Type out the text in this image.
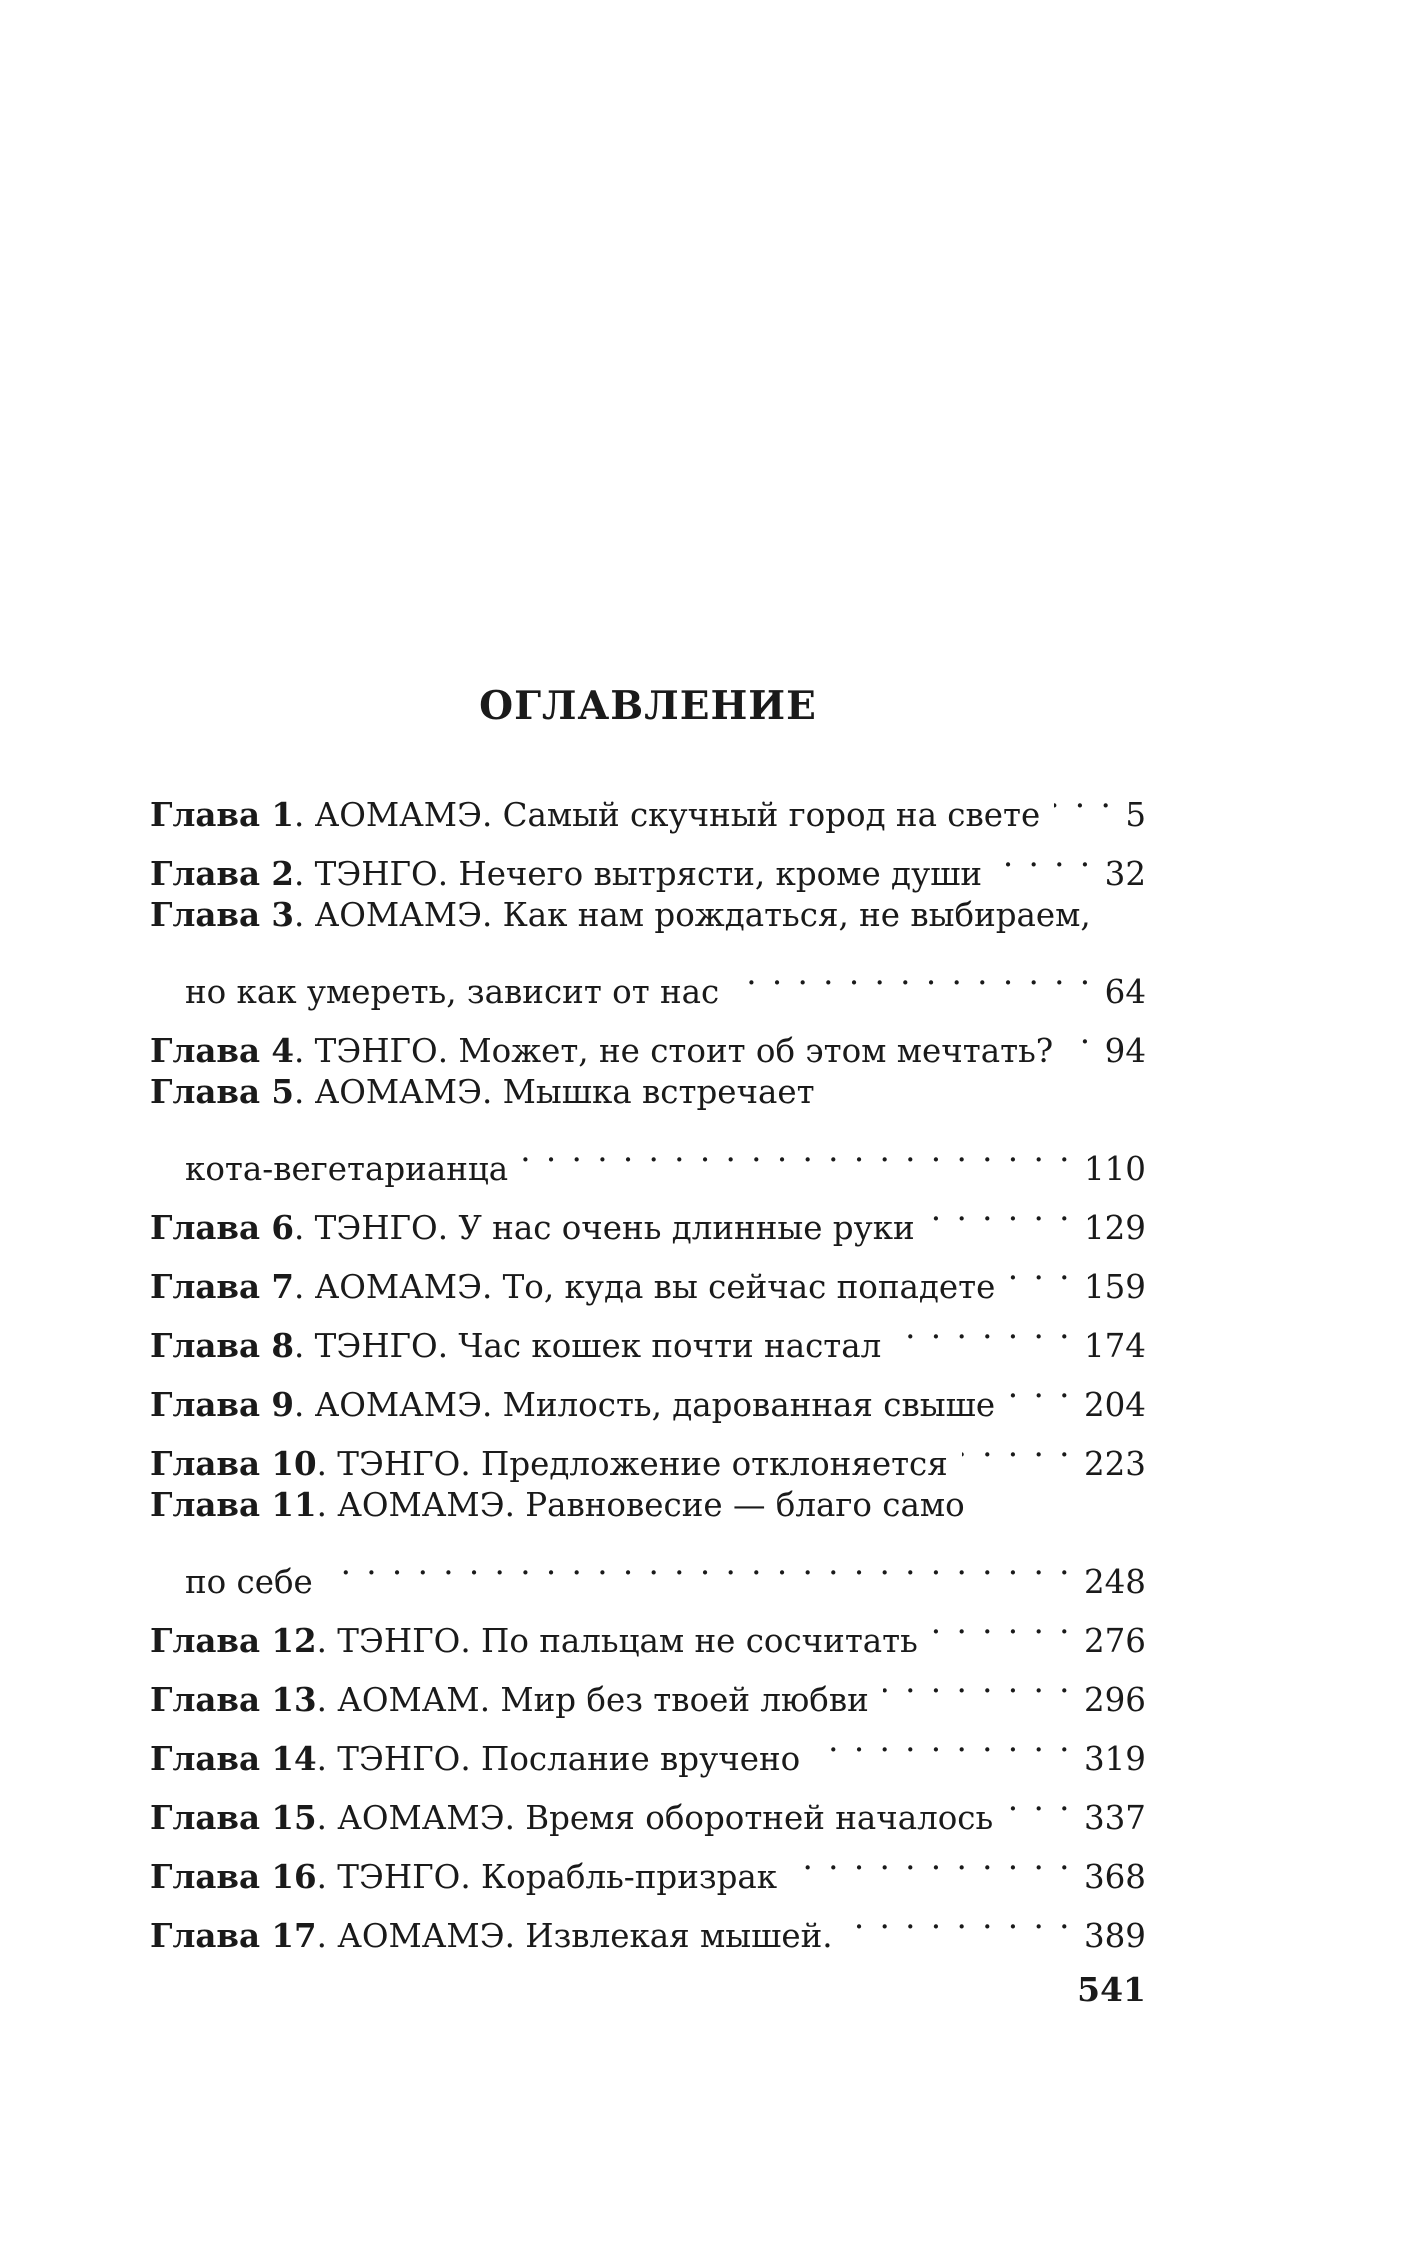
ОГЛАВЛЕНИЕ
Глава 1 . АОМАМЭ. Самый скучный город на свете . . .	5
Глава 2 . ТЭНГО. Нечего вытрясти, кроме души . . .	32
Глава 3 . АОМАМЭ. Как нам рождаться, не выбираем,
но как умереть, зависит от нас . . .	64
Глава 4 . ТЭНГО. Может, не стоит об этом мечтать? . . . 94
Глава 5 . АОМАМЭ. Мышка встречает
кота-вегетарианца . . .	110
Глава 6 . ТЭНГО. У нас очень длинные руки . . .	129
Глава 7 . АОМАМЭ. То, куда вы сейчас попадете . . .	159
Глава 8 . ТЭНГО. Час кошек почти настал . . .	174
Глава 9 . АОМАМЭ. Милость, дарованная свыше . . .	204
Глава 10 . ТЭНГО. Предложение отклоняется . . .	223
Глава 11 . АОМАМЭ. Равновесие — благо само
по себе . . .	248
Глава 12 . ТЭНГО. По пальцам не сосчитать . . .	276
Глава 13 . АОМАМ. Мир без твоей любви . . .	296
Глава 14 . ТЭНГО. Послание вручено . . .	319
Глава 15 . АОМАМЭ. Время оборотней началось . . .	337
Глава 16 . ТЭНГО. Корабль-призрак . . .	368
Глава 17 . АОМАМЭ. Извлекая мышей. . . .	389
541
